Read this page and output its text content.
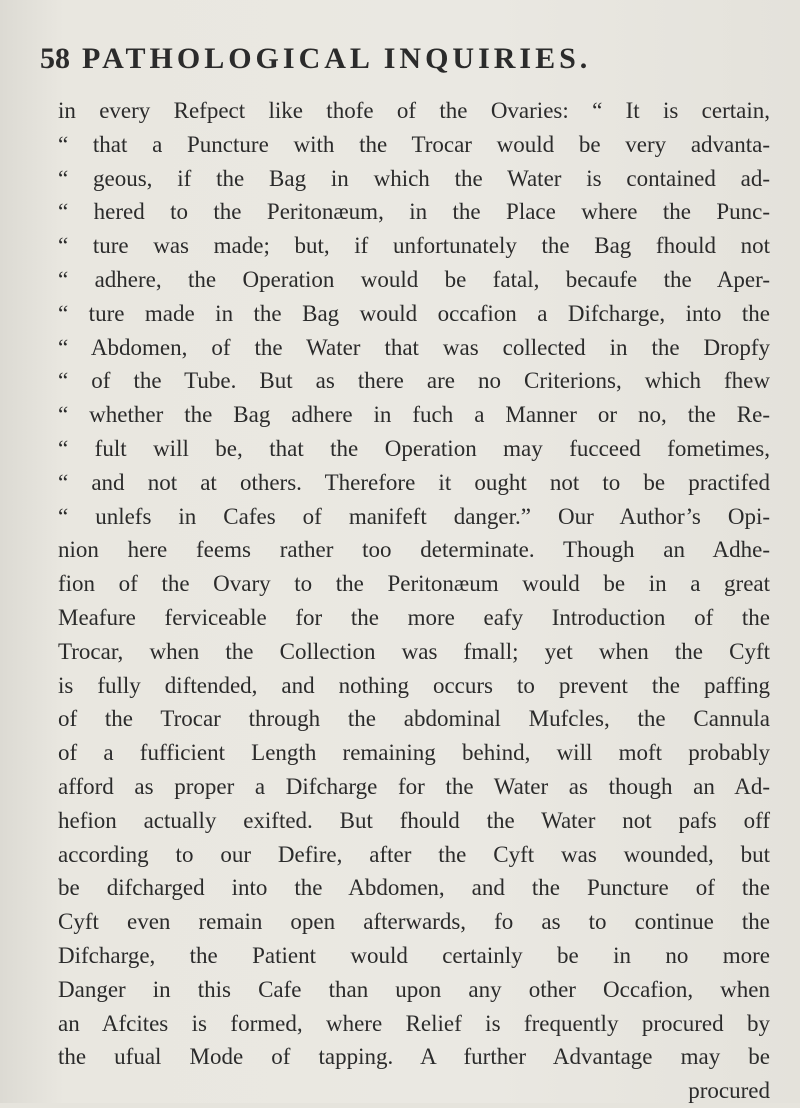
58 PATHOLOGICAL INQUIRIES.
in every Refpect like thofe of the Ovaries: “ It is certain,
“ that a Puncture with the Trocar would be very advanta-
“ geous, if the Bag in which the Water is contained ad-
“ hered to the Peritonæum, in the Place where the Punc-
“ ture was made; but, if unfortunately the Bag fhould not
“ adhere, the Operation would be fatal, becaufe the Aper-
“ ture made in the Bag would occafion a Difcharge, into the
“ Abdomen, of the Water that was collected in the Dropfy
“ of the Tube. But as there are no Criterions, which fhew
“ whether the Bag adhere in fuch a Manner or no, the Re-
“ fult will be, that the Operation may fucceed fometimes,
“ and not at others. Therefore it ought not to be practifed
“ unlefs in Cafes of manifeft danger.” Our Author’s Opi-
nion here feems rather too determinate. Though an Adhe-
fion of the Ovary to the Peritonæum would be in a great
Meafure ferviceable for the more eafy Introduction of the
Trocar, when the Collection was fmall; yet when the Cyft
is fully diftended, and nothing occurs to prevent the paffing
of the Trocar through the abdominal Mufcles, the Cannula
of a fufficient Length remaining behind, will moft probably
afford as proper a Difcharge for the Water as though an Ad-
hefion actually exifted. But fhould the Water not pafs off
according to our Defire, after the Cyft was wounded, but
be difcharged into the Abdomen, and the Puncture of the
Cyft even remain open afterwards, fo as to continue the
Difcharge, the Patient would certainly be in no more
Danger in this Cafe than upon any other Occafion, when
an Afcites is formed, where Relief is frequently procured by
the ufual Mode of tapping. A further Advantage may be
procured
